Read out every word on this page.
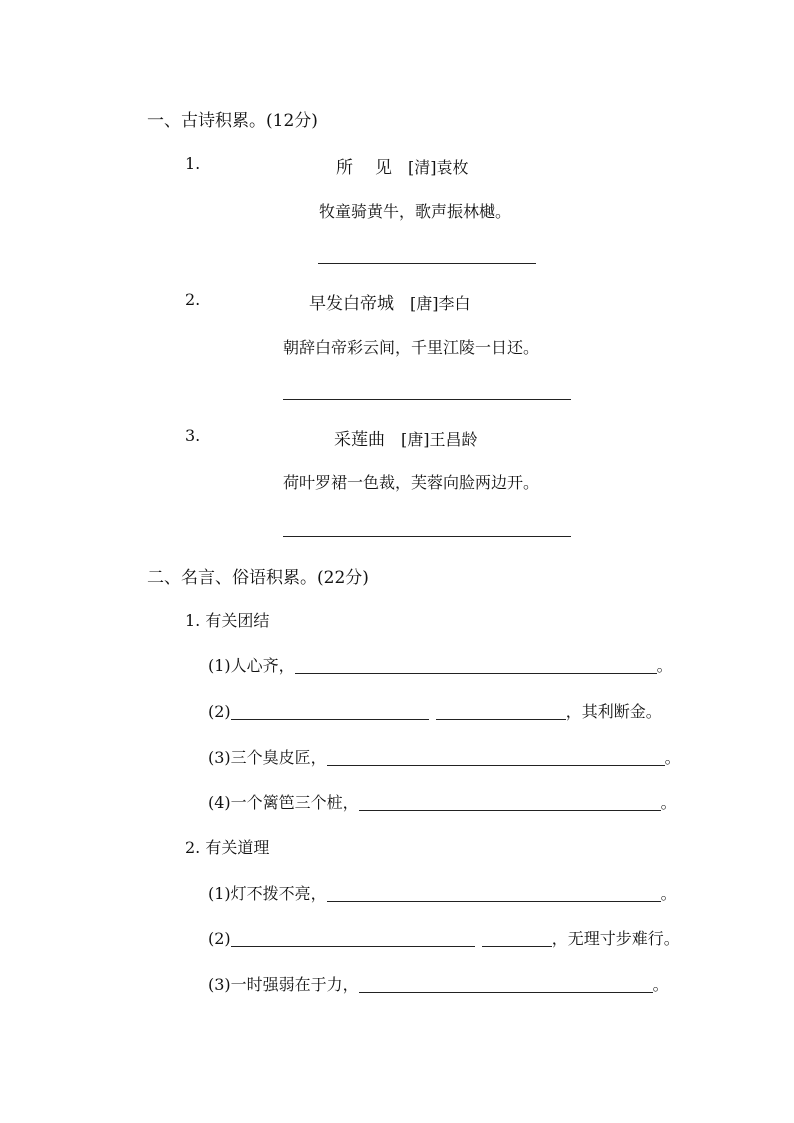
一、古诗积累。(12分)
1.	所 见 [清]袁枚
牧童骑黄牛，歌声振林樾。
2.	早发白帝城 [唐]李白
朝辞白帝彩云间，千里江陵一日还。
3.	采莲曲 [唐]王昌龄
荷叶罗裙一色裁，芙蓉向脸两边开。
二、名言、俗语积累。(22分)
1. 有关团结
(1)人心齐，	。
(2)	，其利断金。
(3)三个臭皮匠，	。
(4)一个篱笆三个桩，	。
2. 有关道理
(1)灯不拨不亮，	。
(2)	，无理寸步难行。
(3)一时强弱在于力，	。
